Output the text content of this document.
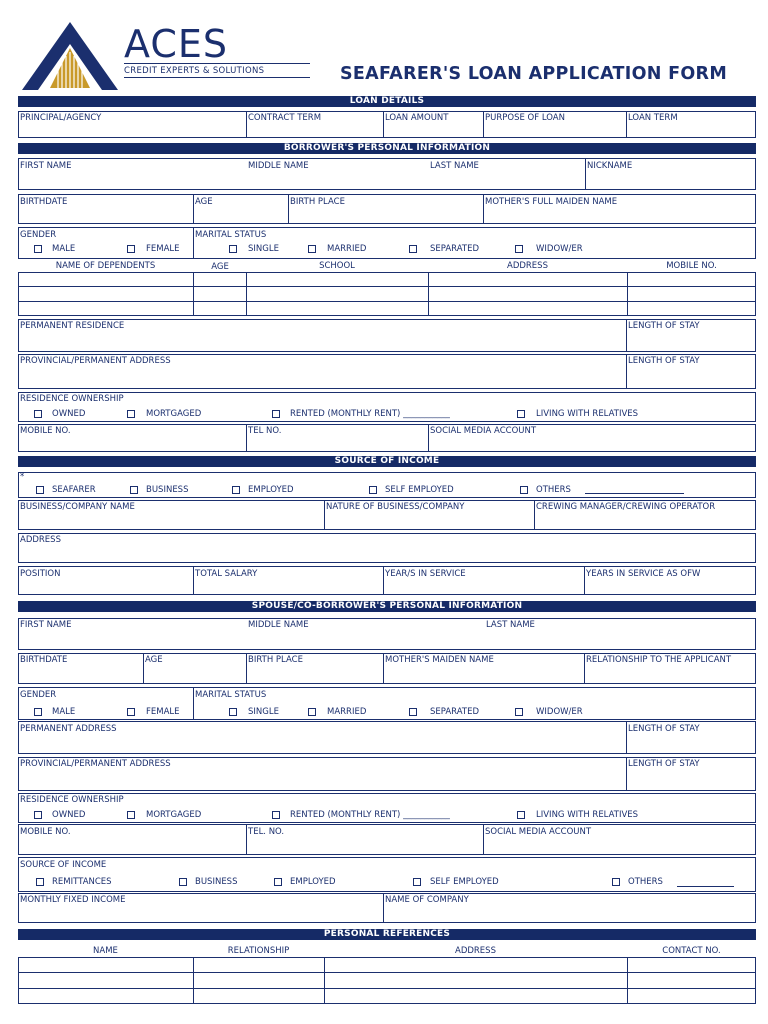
ACES
CREDIT EXPERTS & SOLUTIONS	SEAFARER'S LOAN APPLICATION FORM
LOAN DETAILS
PRINCIPAL/AGENCY	CONTRACT TERM	LOAN AMOUNT	PURPOSE OF LOAN	LOAN TERM
BORROWER'S PERSONAL INFORMATION
FIRST NAME	MIDDLE NAME	LAST NAME	NICKNAME
BIRTHDATE	AGE	BIRTH PLACE	MOTHER'S FULL MAIDEN NAME
GENDER
MALE	FEMALE
MARITAL STATUS
SINGLE	MARRIED	SEPARATED	WIDOW/ER
NAME OF DEPENDENTS	AGE	SCHOOL	ADDRESS	MOBILE NO.
PERMANENT RESIDENCE	LENGTH OF STAY
PROVINCIAL/PERMANENT ADDRESS	LENGTH OF STAY
RESIDENCE OWNERSHIP
OWNED	MORTGAGED	RENTED (MONTHLY RENT) ___________	LIVING WITH RELATIVES
MOBILE NO.	TEL NO.	SOCIAL MEDIA ACCOUNT
SOURCE OF INCOME
*
SEAFARER	BUSINESS	EMPLOYED	SELF EMPLOYED	OTHERS
BUSINESS/COMPANY NAME	NATURE OF BUSINESS/COMPANY	CREWING MANAGER/CREWING OPERATOR
ADDRESS
POSITION	TOTAL SALARY	YEAR/S IN SERVICE	YEARS IN SERVICE AS OFW
SPOUSE/CO-BORROWER'S PERSONAL INFORMATION
FIRST NAME	MIDDLE NAME	LAST NAME
BIRTHDATE	AGE	BIRTH PLACE	MOTHER'S MAIDEN NAME	RELATIONSHIP TO THE APPLICANT
GENDER
MALE	FEMALE
MARITAL STATUS
SINGLE	MARRIED	SEPARATED	WIDOW/ER
PERMANENT ADDRESS	LENGTH OF STAY
PROVINCIAL/PERMANENT ADDRESS	LENGTH OF STAY
RESIDENCE OWNERSHIP
OWNED	MORTGAGED	RENTED (MONTHLY RENT) ___________	LIVING WITH RELATIVES
MOBILE NO.	TEL. NO.	SOCIAL MEDIA ACCOUNT
SOURCE OF INCOME
REMITTANCES	BUSINESS	EMPLOYED	SELF EMPLOYED	OTHERS
MONTHLY FIXED INCOME	NAME OF COMPANY
PERSONAL REFERENCES
NAME	RELATIONSHIP	ADDRESS	CONTACT NO.
